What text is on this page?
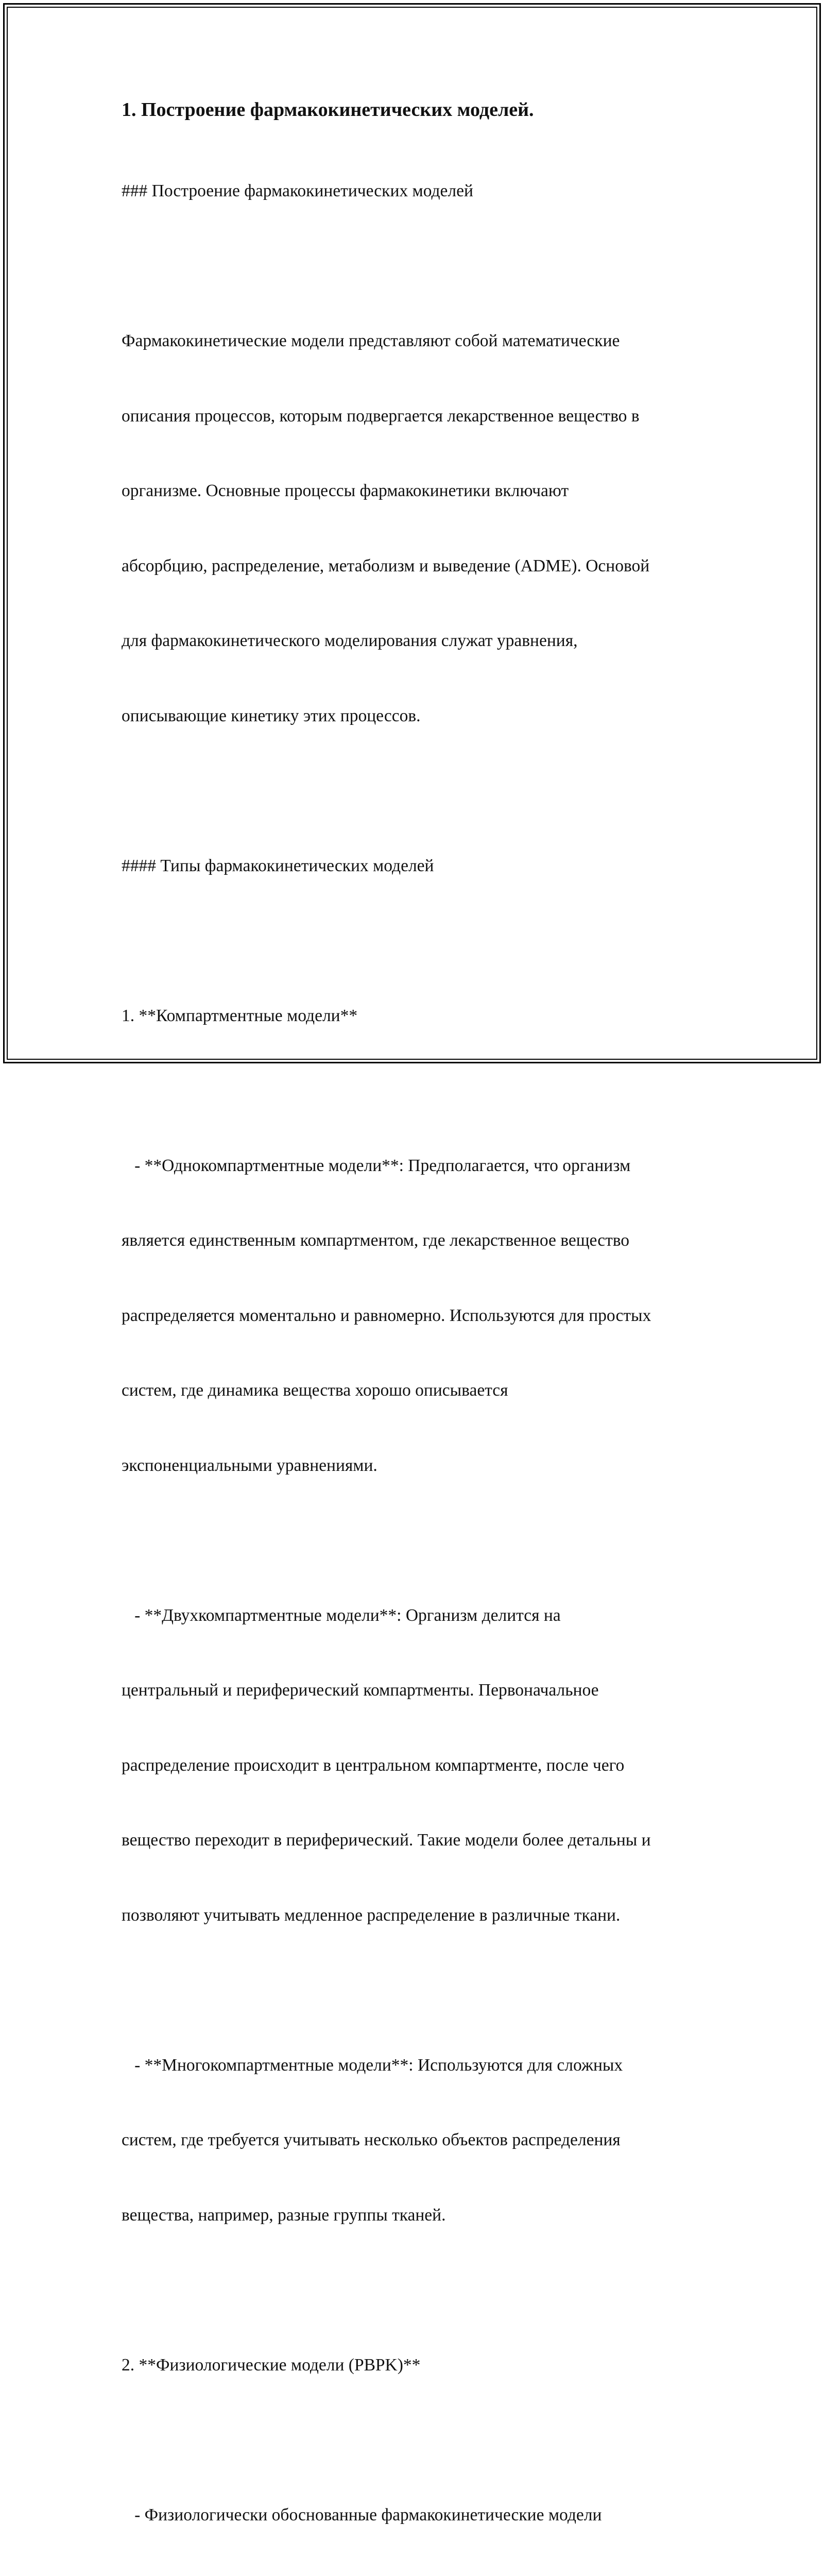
1. Построение фармакокинетических моделей.

### Построение фармакокинетических моделей

Фармакокинетические модели представляют собой математические

описания процессов, которым подвергается лекарственное вещество в

организме. Основные процессы фармакокинетики включают

абсорбцию, распределение, метаболизм и выведение (ADME). Основой

для фармакокинетического моделирования служат уравнения,

описывающие кинетику этих процессов.

#### Типы фармакокинетических моделей

1. **Компартментные модели**

- **Однокомпартментные модели**: Предполагается, что организм

является единственным компартментом, где лекарственное вещество

распределяется моментально и равномерно. Используются для простых

систем, где динамика вещества хорошо описывается

экспоненциальными уравнениями.

- **Двухкомпартментные модели**: Организм делится на

центральный и периферический компартменты. Первоначальное

распределение происходит в центральном компартменте, после чего

вещество переходит в периферический. Такие модели более детальны и

позволяют учитывать медленное распределение в различные ткани.

- **Многокомпартментные модели**: Используются для сложных

систем, где требуется учитывать несколько объектов распределения

вещества, например, разные группы тканей.

2. **Физиологические модели (PBPK)**

- Физиологически обоснованные фармакокинетические модели
